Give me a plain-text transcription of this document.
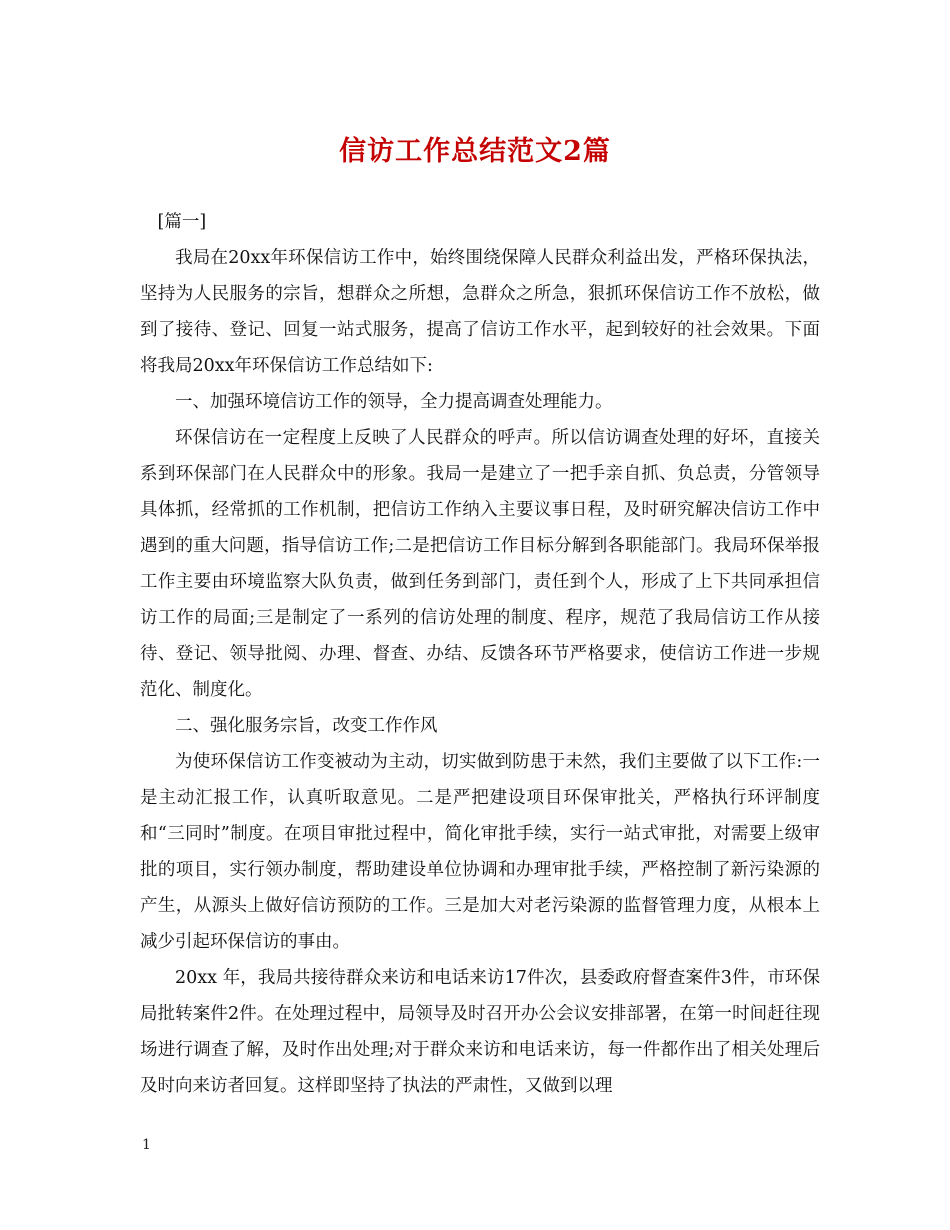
信访工作总结范文2篇

[篇一]

我局在20xx年环保信访工作中，始终围绕保障人民群众利益出发，严格环保执法，坚持为人民服务的宗旨，想群众之所想，急群众之所急，狠抓环保信访工作不放松，做到了接待、登记、回复一站式服务，提高了信访工作水平，起到较好的社会效果。下面将我局20xx年环保信访工作总结如下:

一、加强环境信访工作的领导，全力提高调查处理能力。

环保信访在一定程度上反映了人民群众的呼声。所以信访调查处理的好坏，直接关系到环保部门在人民群众中的形象。我局一是建立了一把手亲自抓、负总责，分管领导具体抓，经常抓的工作机制，把信访工作纳入主要议事日程，及时研究解决信访工作中遇到的重大问题，指导信访工作;二是把信访工作目标分解到各职能部门。我局环保举报工作主要由环境监察大队负责，做到任务到部门，责任到个人，形成了上下共同承担信访工作的局面;三是制定了一系列的信访处理的制度、程序，规范了我局信访工作从接待、登记、领导批阅、办理、督查、办结、反馈各环节严格要求，使信访工作进一步规范化、制度化。

二、强化服务宗旨，改变工作作风

为使环保信访工作变被动为主动，切实做到防患于未然，我们主要做了以下工作:一是主动汇报工作，认真听取意见。二是严把建设项目环保审批关，严格执行环评制度和“三同时”制度。在项目审批过程中，简化审批手续，实行一站式审批，对需要上级审批的项目，实行领办制度，帮助建设单位协调和办理审批手续，严格控制了新污染源的产生，从源头上做好信访预防的工作。三是加大对老污染源的监督管理力度，从根本上减少引起环保信访的事由。

20xx 年，我局共接待群众来访和电话来访17件次，县委政府督查案件3件，市环保局批转案件2件。在处理过程中，局领导及时召开办公会议安排部署，在第一时间赶往现场进行调查了解，及时作出处理;对于群众来访和电话来访，每一件都作出了相关处理后及时向来访者回复。这样即坚持了执法的严肃性，又做到以理

1
